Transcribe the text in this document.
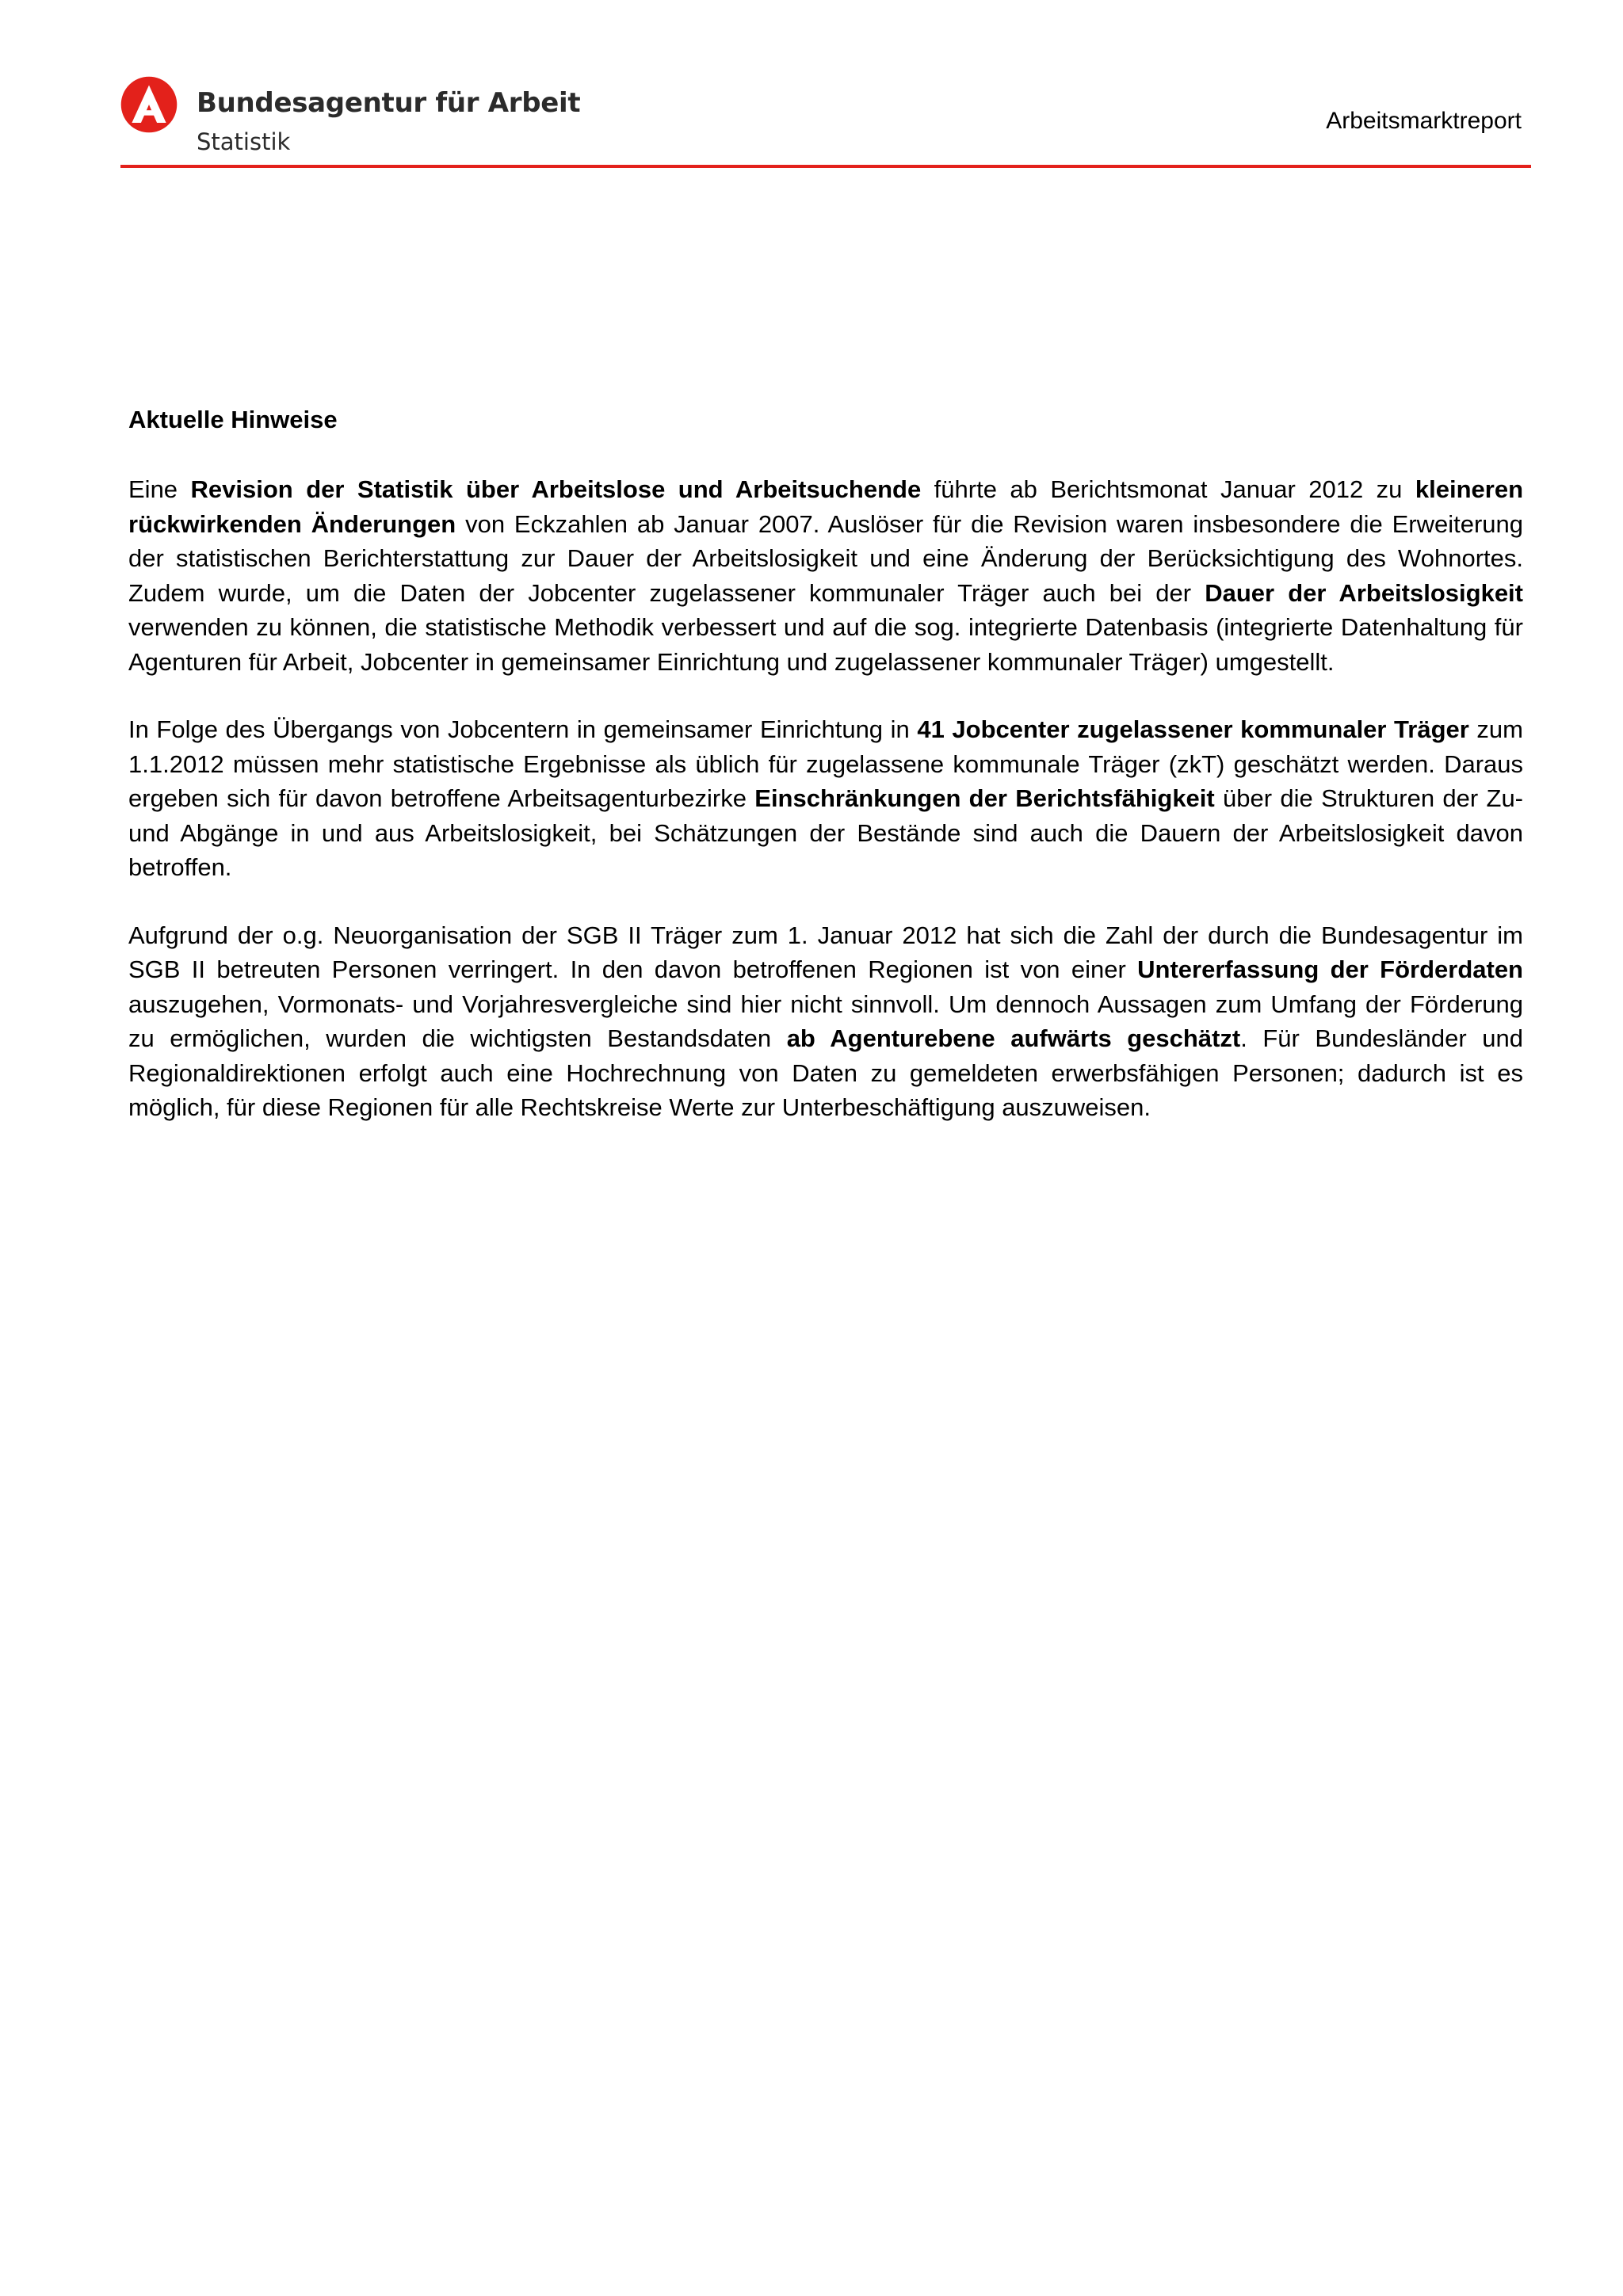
Bundesagentur für Arbeit
Statistik
Arbeitsmarktreport
Aktuelle Hinweise

Eine Revision der Statistik über Arbeitslose und Arbeitsuchende führte ab Berichtsmonat Januar 2012 zu kleineren rückwirkenden Änderungen von Eckzahlen ab Januar 2007. Auslöser für die Revision waren insbesondere die Erweiterung der statistischen Berichterstattung zur Dauer der Arbeitslosigkeit und eine Änderung der Berücksichtigung des Wohnortes. Zudem wurde, um die Daten der Jobcenter zugelassener kommunaler Träger auch bei der Dauer der Arbeitslosigkeit verwenden zu können, die statistische Methodik verbessert und auf die sog. integrierte Datenbasis (integrierte Datenhaltung für Agenturen für Arbeit, Jobcenter in gemeinsamer Einrichtung und zugelassener kommunaler Träger) umgestellt.

In Folge des Übergangs von Jobcentern in gemeinsamer Einrichtung in 41 Jobcenter zugelassener kommunaler Träger zum 1.1.2012 müssen mehr statistische Ergebnisse als üblich für zugelassene kommunale Träger (zkT) geschätzt werden. Daraus ergeben sich für davon betroffene Arbeitsagenturbezirke Einschränkungen der Berichtsfähigkeit über die Strukturen der Zu- und Abgänge in und aus Arbeitslosigkeit, bei Schätzungen der Bestände sind auch die Dauern der Arbeitslosigkeit davon betroffen.

Aufgrund der o.g. Neuorganisation der SGB II Träger zum 1. Januar 2012 hat sich die Zahl der durch die Bundesagentur im SGB II betreuten Personen verringert. In den davon betroffenen Regionen ist von einer Untererfassung der Förderdaten auszugehen, Vormonats- und Vorjahresvergleiche sind hier nicht sinnvoll. Um dennoch Aussagen zum Umfang der Förderung zu ermöglichen, wurden die wichtigsten Bestandsdaten ab Agenturebene aufwärts geschätzt. Für Bundesländer und Regionaldirektionen erfolgt auch eine Hochrechnung von Daten zu gemeldeten erwerbsfähigen Personen; dadurch ist es möglich, für diese Regionen für alle Rechtskreise Werte zur Unterbeschäftigung auszuweisen.
